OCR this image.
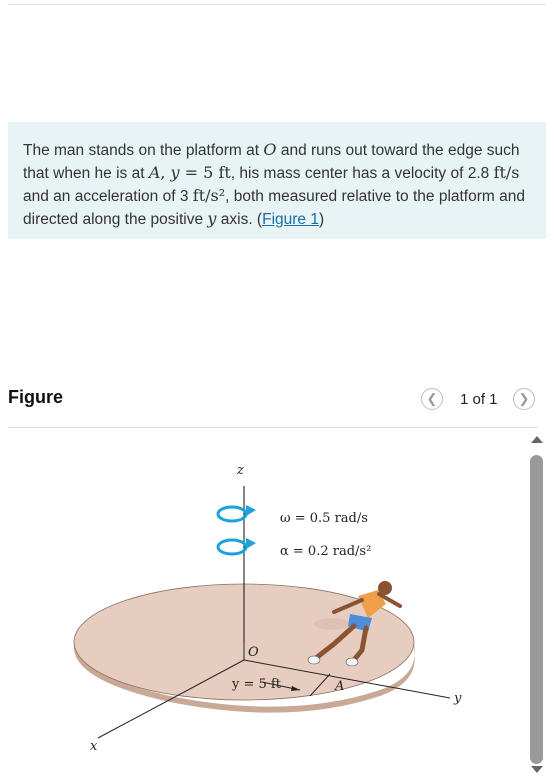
The man stands on the platform at O and runs out toward the edge such that when he is at A, y = 5 ft, his mass center has a velocity of 2.8 ft/s and an acceleration of 3 ft/s², both measured relative to the platform and directed along the positive y axis. (Figure 1)
Figure	❮ 1 of 1 ❯
z
x
y
O
A
y = 5 ft
ω = 0.5 rad/s
α = 0.2 rad/s²
